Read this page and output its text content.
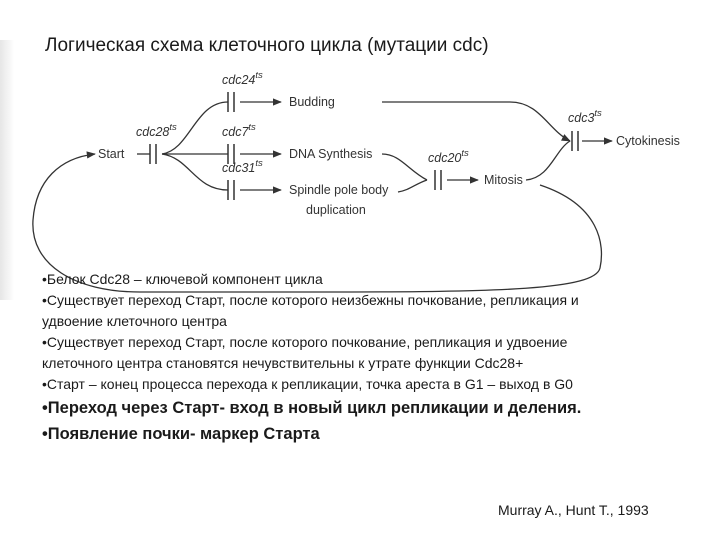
Логическая схема клеточного цикла (мутации cdc)
Start
Budding
DNA Synthesis
Spindle pole body
duplication
Mitosis
Cytokinesis
$cdc28^{ts}$
$cdc24^{ts}$
$cdc7^{ts}$
$cdc31^{ts}$	$cdc20^{ts}$
$cdc3^{ts}$
•Белок Cdc28 – ключевой компонент цикла
•Существует переход Старт, после которого неизбежны почкование, репликация и
удвоение клеточного центра
•Существует переход Старт, после которого почкование, репликация и удвоение
клеточного центра становятся нечувствительны к утрате функции Cdc28+
•Старт – конец процесса перехода к репликации, точка ареста в G1 – выход в G0
•Переход через Старт- вход в новый цикл репликации и деления.
•Появление почки- маркер Старта
Murray A., Hunt T., 1993
